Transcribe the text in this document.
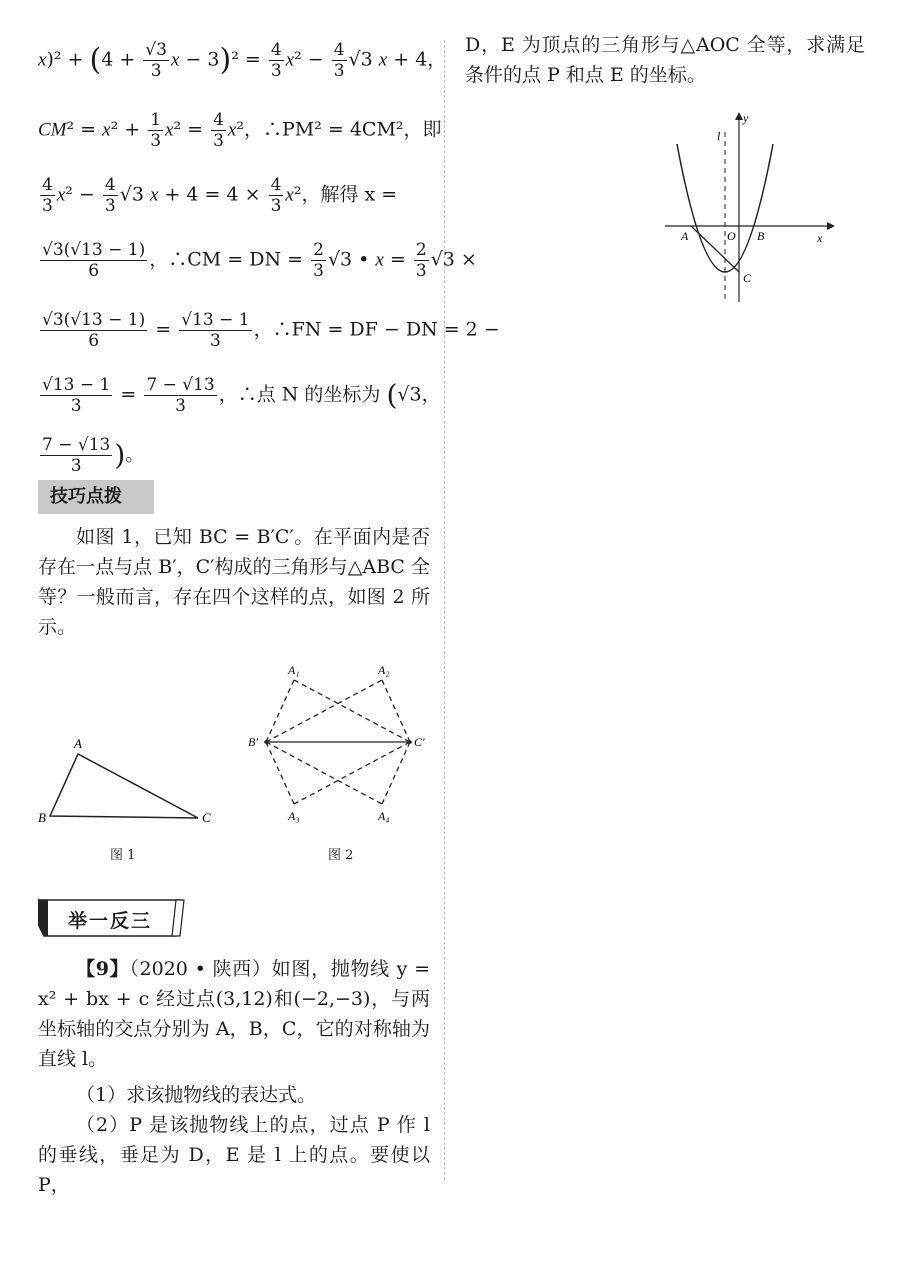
$x)^2 + (4 + \frac{√3}{3}$ $x - 3)^2 = \frac{4}{3} x^2 - \frac{4}{3} √3$ x + 4，
$CM^2 = x^2 + \frac{1}{3} x^2 = \frac{4}{3} x^2$，∴PM² = 4CM²，即
$\frac{4}{3} x^2 - \frac{4}{3} √3$ $x + 4 = 4 \times \frac{4}{3} x^2$，解得 x =
$\frac{√3(√13 - 1)}{6}$ ，∴CM = DN = $\frac{2}{3} √3$ • $x = \frac{2}{3} √3$ ×
$\frac{√3(√13 - 1)}{6} = \frac{√13 - 1}{3}$ ，∴FN = DF − DN = 2 −
$\frac{√13 - 1}{3} = \frac{7 - √13}{3}$ ，∴点 N 的坐标为 (√3，
$\frac{7 - √13}{3}$ )。
技巧点拨
如图 1，已知 BC = B′C′。在平面内是否存在一点与点 B′，C′构成的三角形与△ABC 全等？一般而言，存在四个这样的点，如图 2 所示。
A
B	C
图 1
A₁	A₂
B′	C′
A₃	A₄
图 2
举一反三
【9】（2020 • 陕西）如图，抛物线 y = x² + bx + c 经过点(3,12)和(−2,−3)，与两坐标轴的交点分别为 A，B，C，它的对称轴为直线 l。
（1）求该抛物线的表达式。
（2）P 是该抛物线上的点，过点 P 作 l 的垂线，垂足为 D，E 是 l 上的点。要使以 P，
D，E 为顶点的三角形与△AOC 全等，求满足条件的点 P 和点 E 的坐标。
y
l
A	O B	x
C
